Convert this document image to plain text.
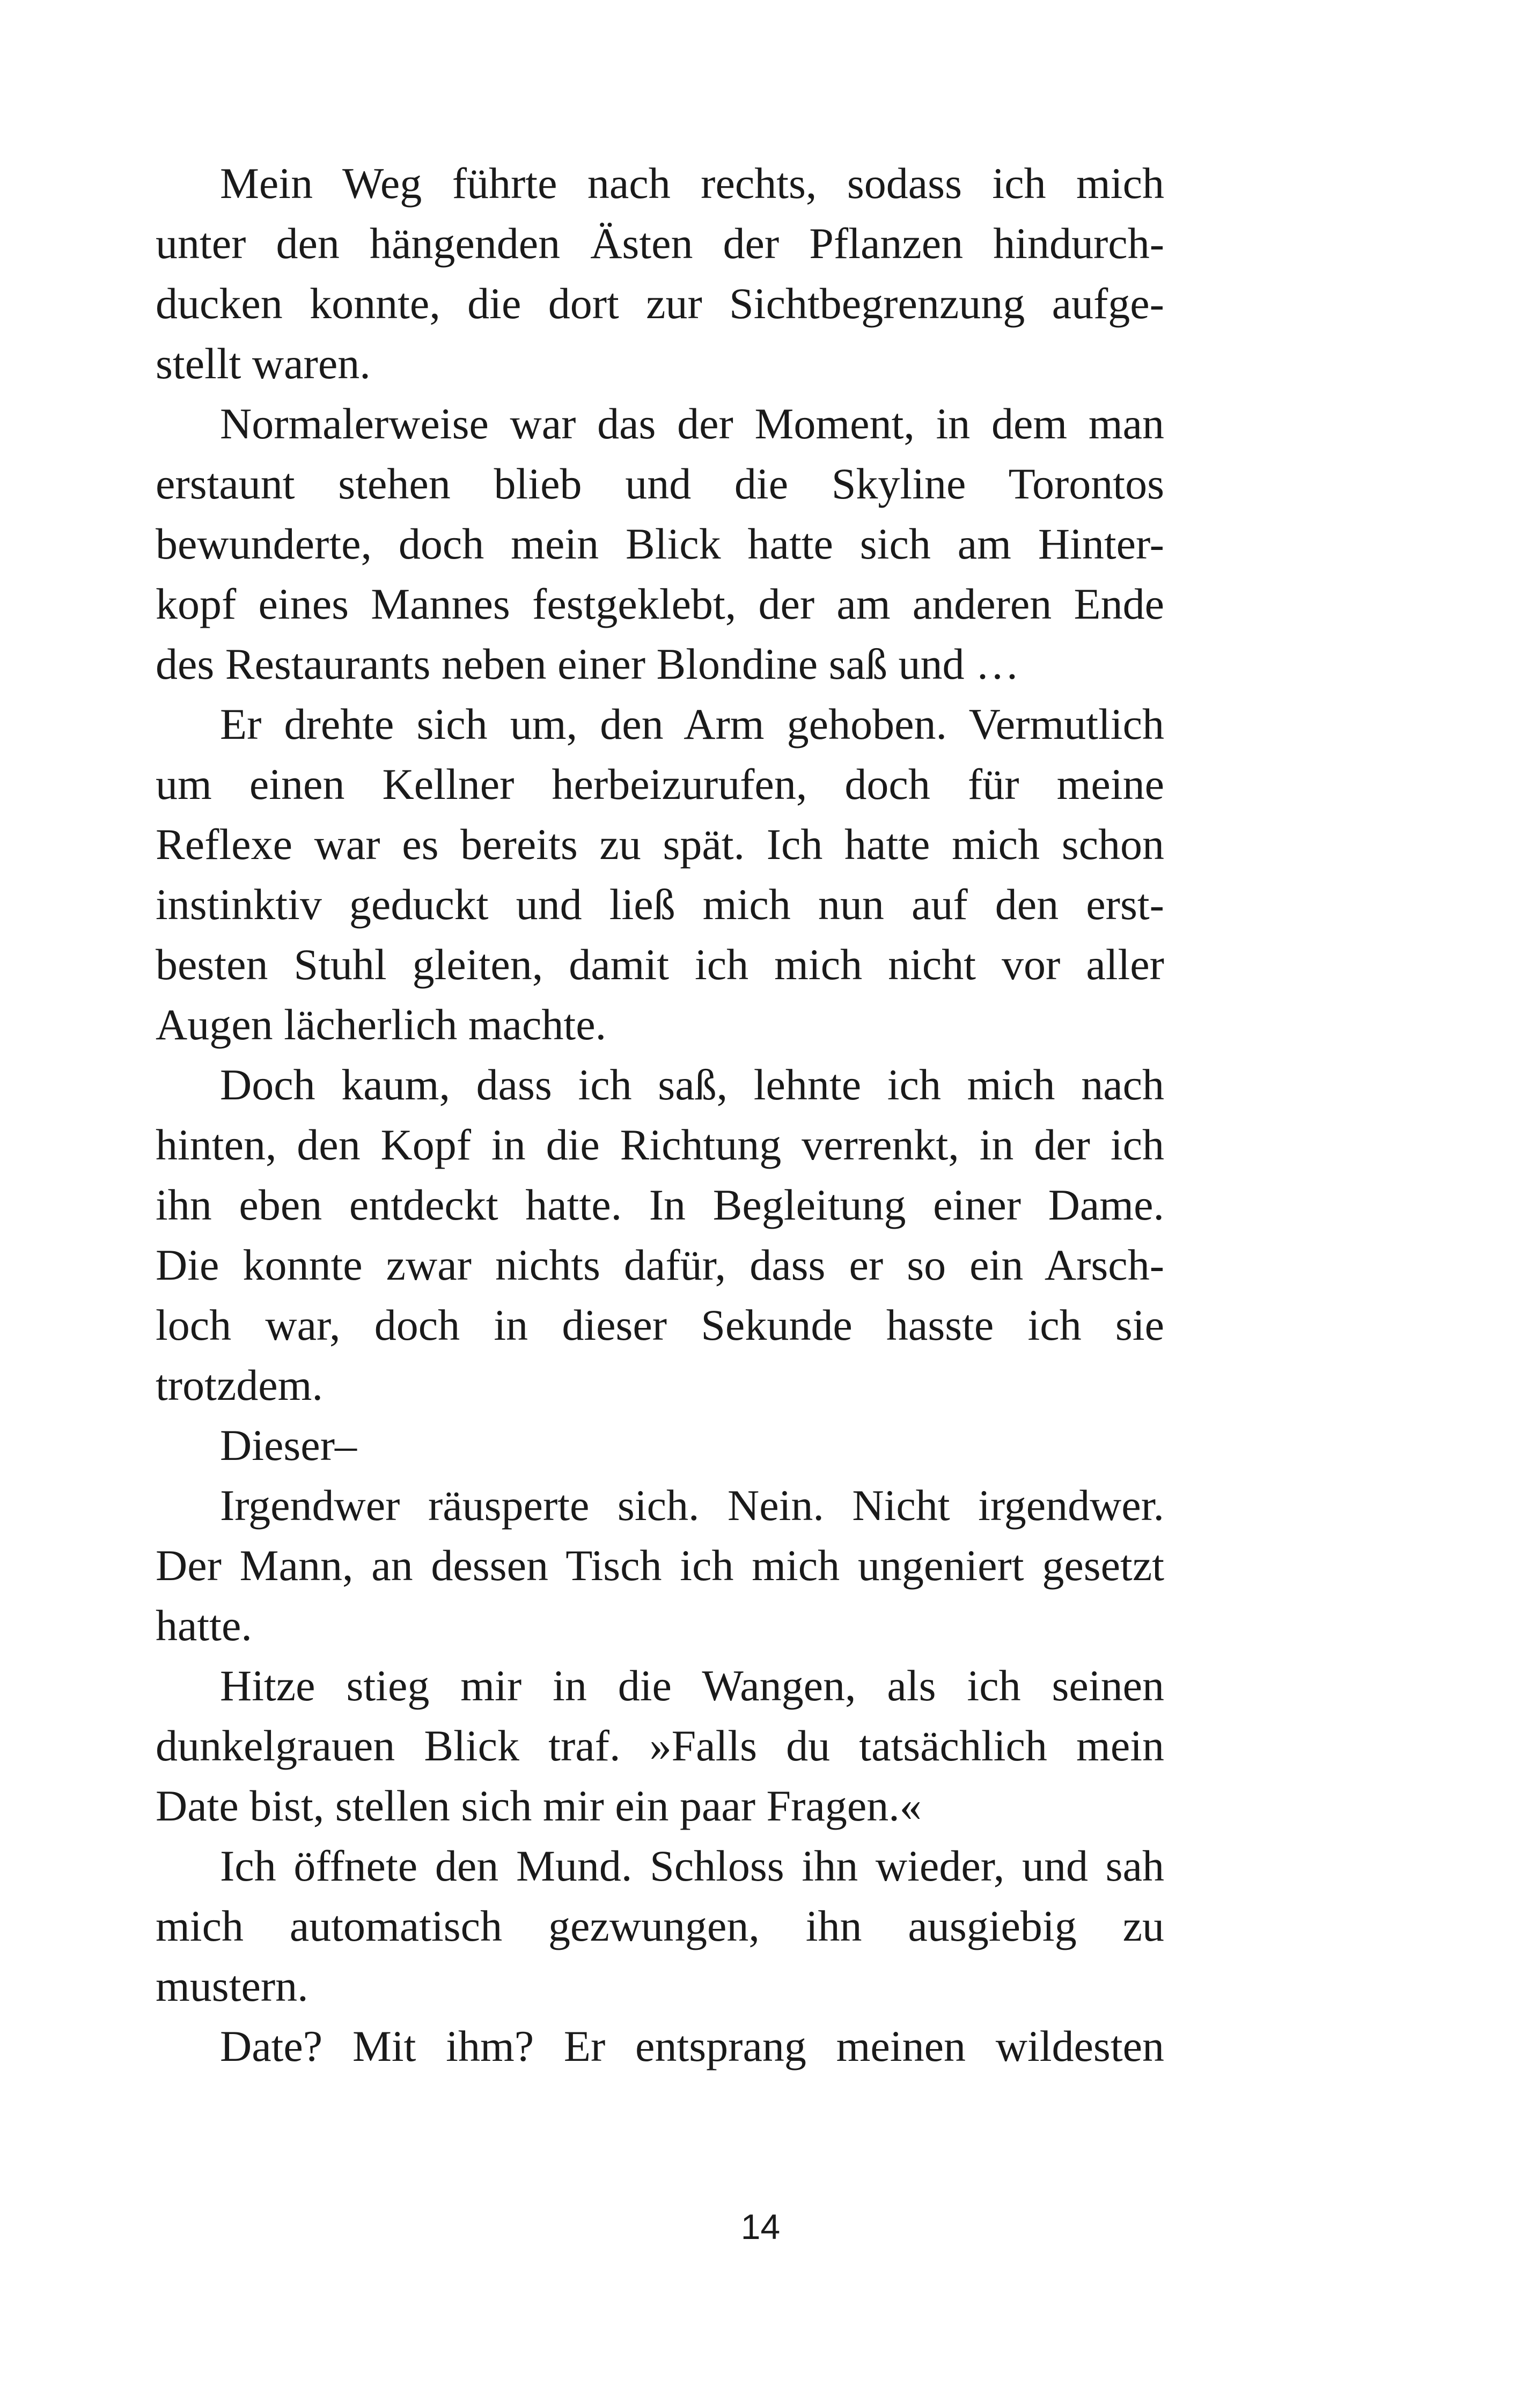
Mein Weg führte nach rechts, sodass ich mich
unter den hängenden Ästen der Pflanzen hindurch-
ducken konnte, die dort zur Sichtbegrenzung aufge-
stellt waren.
Normalerweise war das der Moment, in dem man
erstaunt stehen blieb und die Skyline Torontos
bewunderte, doch mein Blick hatte sich am Hinter-
kopf eines Mannes festgeklebt, der am anderen Ende
des Restaurants neben einer Blondine saß und …
Er drehte sich um, den Arm gehoben. Vermutlich
um einen Kellner herbeizurufen, doch für meine
Reflexe war es bereits zu spät. Ich hatte mich schon
instinktiv geduckt und ließ mich nun auf den erst-
besten Stuhl gleiten, damit ich mich nicht vor aller
Augen lächerlich machte.
Doch kaum, dass ich saß, lehnte ich mich nach
hinten, den Kopf in die Richtung verrenkt, in der ich
ihn eben entdeckt hatte. In Begleitung einer Dame.
Die konnte zwar nichts dafür, dass er so ein Arsch-
loch war, doch in dieser Sekunde hasste ich sie
trotzdem.
Dieser–
Irgendwer räusperte sich. Nein. Nicht irgendwer.
Der Mann, an dessen Tisch ich mich ungeniert gesetzt
hatte.
Hitze stieg mir in die Wangen, als ich seinen
dunkelgrauen Blick traf. »Falls du tatsächlich mein
Date bist, stellen sich mir ein paar Fragen.«
Ich öffnete den Mund. Schloss ihn wieder, und sah
mich automatisch gezwungen, ihn ausgiebig zu
mustern.
Date? Mit ihm? Er entsprang meinen wildesten
14
